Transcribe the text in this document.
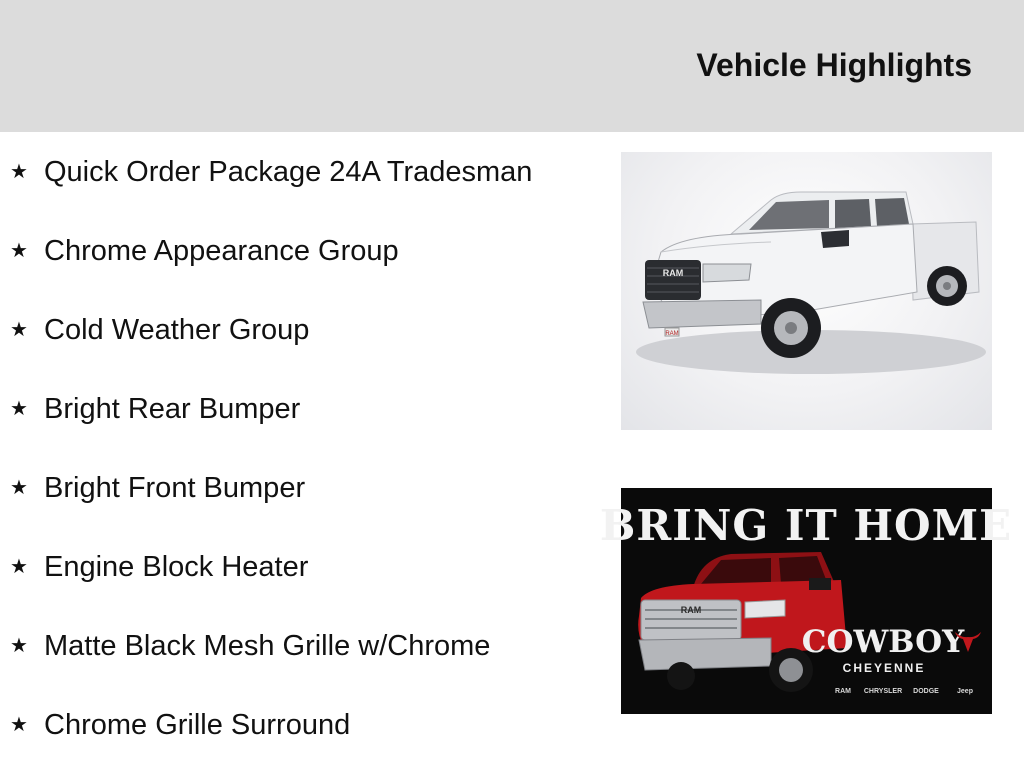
Vehicle Highlights
★ Quick Order Package 24A Tradesman
★ Chrome Appearance Group
★ Cold Weather Group
★ Bright Rear Bumper
★ Bright Front Bumper
★ Engine Block Heater
★ Matte Black Mesh Grille w/Chrome
★ Chrome Grille Surround
RAM
RAM
BRING IT HOME
RAM
COWBOY
CHEYENNE
RAM CHRYSLER DODGE	Jeep
